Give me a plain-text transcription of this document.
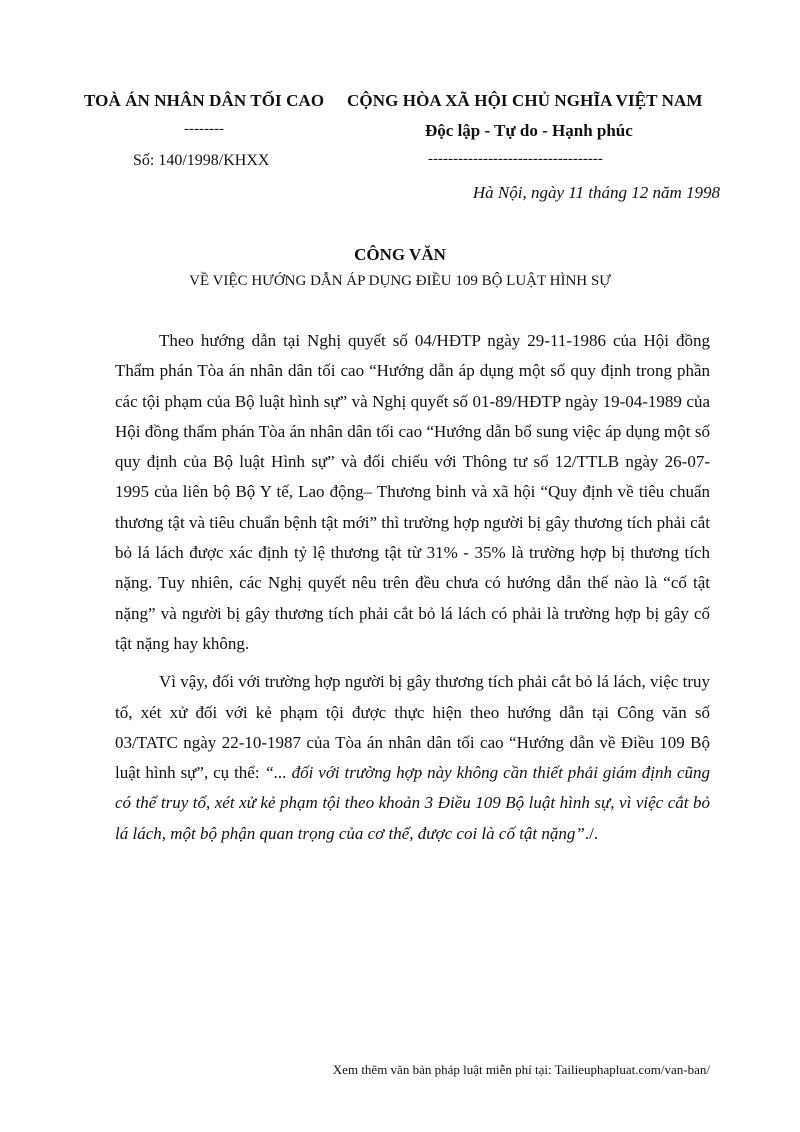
TOÀ ÁN NHÂN DÂN TỐI CAO
--------
Số: 140/1998/KHXX
CỘNG HÒA XÃ HỘI CHỦ NGHĨA VIỆT NAM
Độc lập - Tự do - Hạnh phúc
-----------------------------------
Hà Nội, ngày 11 tháng 12 năm 1998
CÔNG VĂN
VỀ VIỆC HƯỚNG DẪN ÁP DỤNG ĐIỀU 109 BỘ LUẬT HÌNH SỰ

Theo hướng dẫn tại Nghị quyết số 04/HĐTP ngày 29-11-1986 của Hội đồng Thẩm phán Tòa án nhân dân tối cao “Hướng dẫn áp dụng một số quy định trong phần các tội phạm của Bộ luật hình sự” và Nghị quyết số 01-89/HĐTP ngày 19-04-1989 của Hội đồng thẩm phán Tòa án nhân dân tối cao “Hướng dẫn bổ sung việc áp dụng một số quy định của Bộ luật Hình sự” và đối chiếu với Thông tư số 12/TTLB ngày 26-07-1995 của liên bộ Bộ Y tế, Lao động– Thương binh và xã hội “Quy định về tiêu chuẩn thương tật và tiêu chuẩn bệnh tật mới” thì trường hợp người bị gây thương tích phải cắt bỏ lá lách được xác định tỷ lệ thương tật từ 31% - 35% là trường hợp bị thương tích nặng. Tuy nhiên, các Nghị quyết nêu trên đều chưa có hướng dẫn thế nào là “cố tật nặng” và người bị gây thương tích phải cắt bỏ lá lách có phải là trường hợp bị gây cố tật nặng hay không.

Vì vậy, đối với trường hợp người bị gây thương tích phải cắt bỏ lá lách, việc truy tố, xét xử đối với kẻ phạm tội được thực hiện theo hướng dẫn tại Công văn số 03/TATC ngày 22-10-1987 của Tòa án nhân dân tối cao “Hướng dẫn về Điều 109 Bộ luật hình sự”, cụ thể: “... đối với trường hợp này không cần thiết phải giám định cũng có thể truy tố, xét xử kẻ phạm tội theo khoản 3 Điều 109 Bộ luật hình sự, vì việc cắt bỏ lá lách, một bộ phận quan trọng của cơ thể, được coi là cố tật nặng”./.

Xem thêm văn bản pháp luật miễn phí tại: Tailieuphapluat.com/van-ban/
